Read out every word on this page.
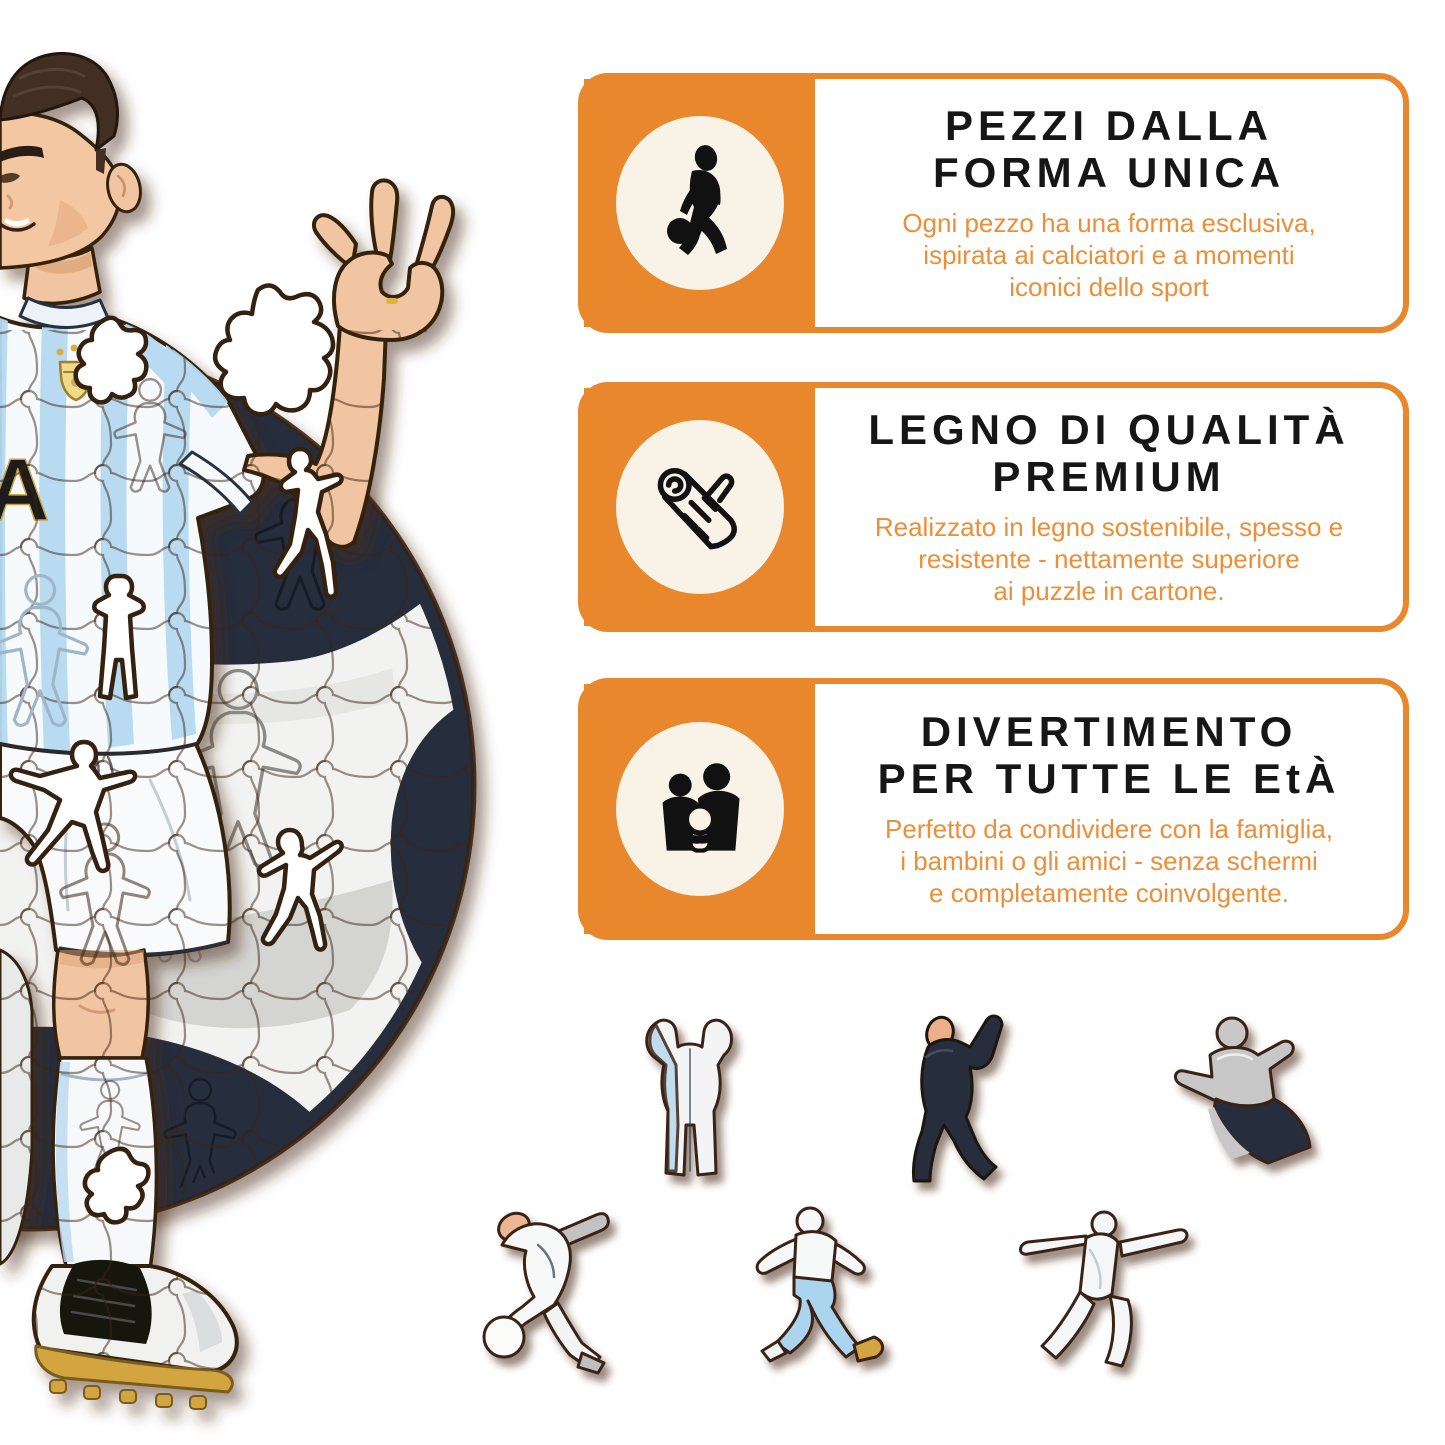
PEZZI DALLA
FORMA UNICA
Ogni pezzo ha una forma esclusiva,
ispirata ai calciatori e a momenti
iconici dello sport
LEGNO DI QUALITÀ
PREMIUM
Realizzato in legno sostenibile, spesso e
resistente - nettamente superiore
ai puzzle in cartone.
DIVERTIMENTO
PER TUTTE LE EtÀ
Perfetto da condividere con la famiglia,
i bambini o gli amici - senza schermi
e completamente coinvolgente.
